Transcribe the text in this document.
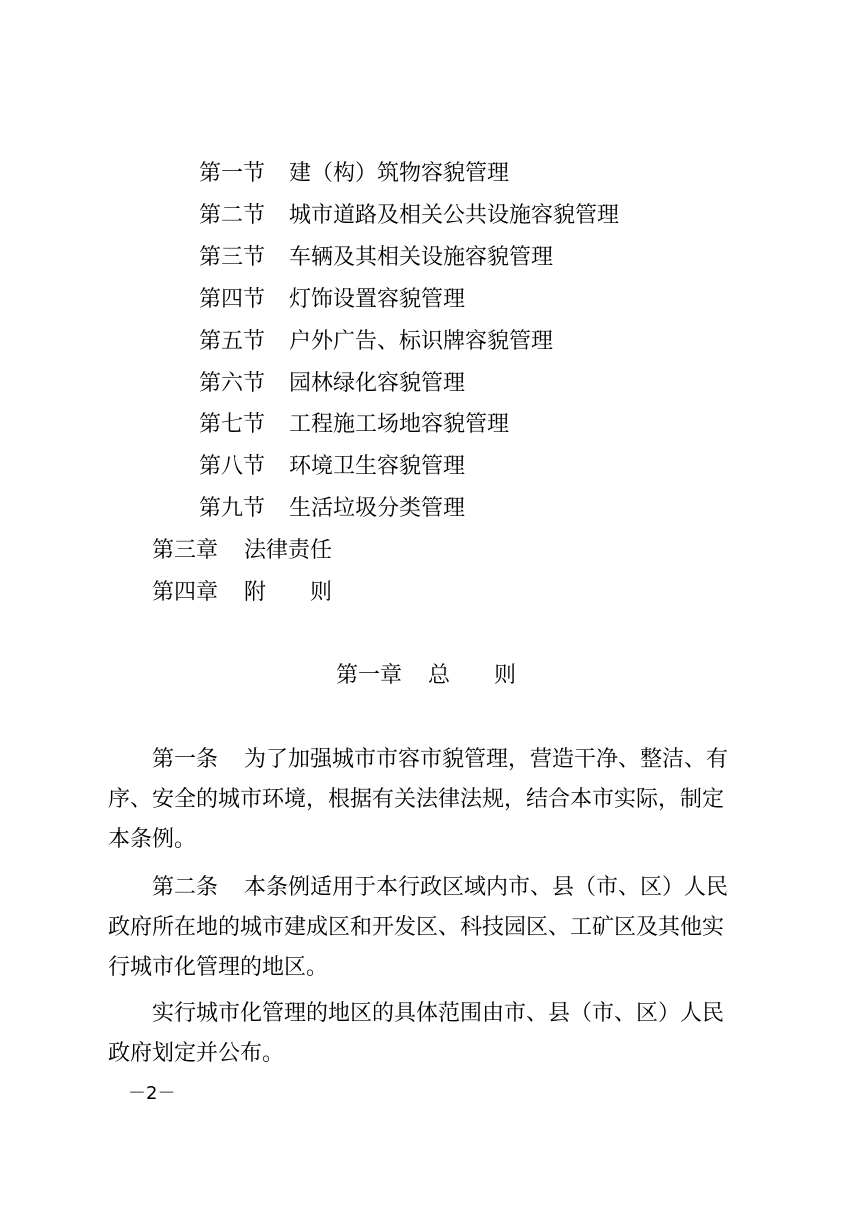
第一节 建（构）筑物容貌管理
第二节 城市道路及相关公共设施容貌管理
第三节 车辆及其相关设施容貌管理
第四节 灯饰设置容貌管理
第五节 户外广告、标识牌容貌管理
第六节 园林绿化容貌管理
第七节 工程施工场地容貌管理
第八节 环境卫生容貌管理
第九节 生活垃圾分类管理
第三章 法律责任
第四章 附　　则
第一章 总　　则
第一条 为了加强城市市容市貌管理，营造干净、整洁、有
序、安全的城市环境，根据有关法律法规，结合本市实际，制定
本条例。
第二条 本条例适用于本行政区域内市、县（市、区）人民
政府所在地的城市建成区和开发区、科技园区、工矿区及其他实
行城市化管理的地区。
实行城市化管理的地区的具体范围由市、县（市、区）人民
政府划定并公布。
－2－
